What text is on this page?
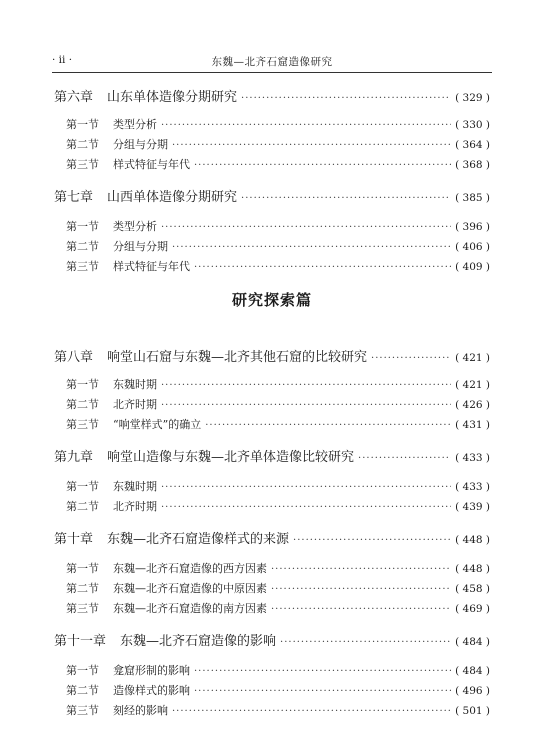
· ii ·	东魏—北齐石窟造像研究
研究探索篇
第六章 山东单体造像分期研究 ·····	( 329 )
第一节 类型分析 ·····	( 330 )
第二节 分组与分期 ·····	( 364 )
第三节 样式特征与年代 ·····	( 368 )
第七章 山西单体造像分期研究 ·····	( 385 )
第一节 类型分析 ·····	( 396 )
第二节 分组与分期 ·····	( 406 )
第三节 样式特征与年代 ·····	( 409 )
第八章 响堂山石窟与东魏—北齐其他石窟的比较研究 ·····	( 421 )
第一节 东魏时期 ·····	( 421 )
第二节 北齐时期 ·····	( 426 )
第三节 “响堂样式”的确立 ·····	( 431 )
第九章 响堂山造像与东魏—北齐单体造像比较研究 ·····	( 433 )
第一节 东魏时期 ·····	( 433 )
第二节 北齐时期 ·····	( 439 )
第十章 东魏—北齐石窟造像样式的来源 ·····	( 448 )
第一节 东魏—北齐石窟造像的西方因素 ·····	( 448 )
第二节 东魏—北齐石窟造像的中原因素 ·····	( 458 )
第三节 东魏—北齐石窟造像的南方因素 ·····	( 469 )
第十一章 东魏—北齐石窟造像的影响 ·····	( 484 )
第一节 龛窟形制的影响 ·····	( 484 )
第二节 造像样式的影响 ·····	( 496 )
第三节 刻经的影响 ·····	( 501 )
